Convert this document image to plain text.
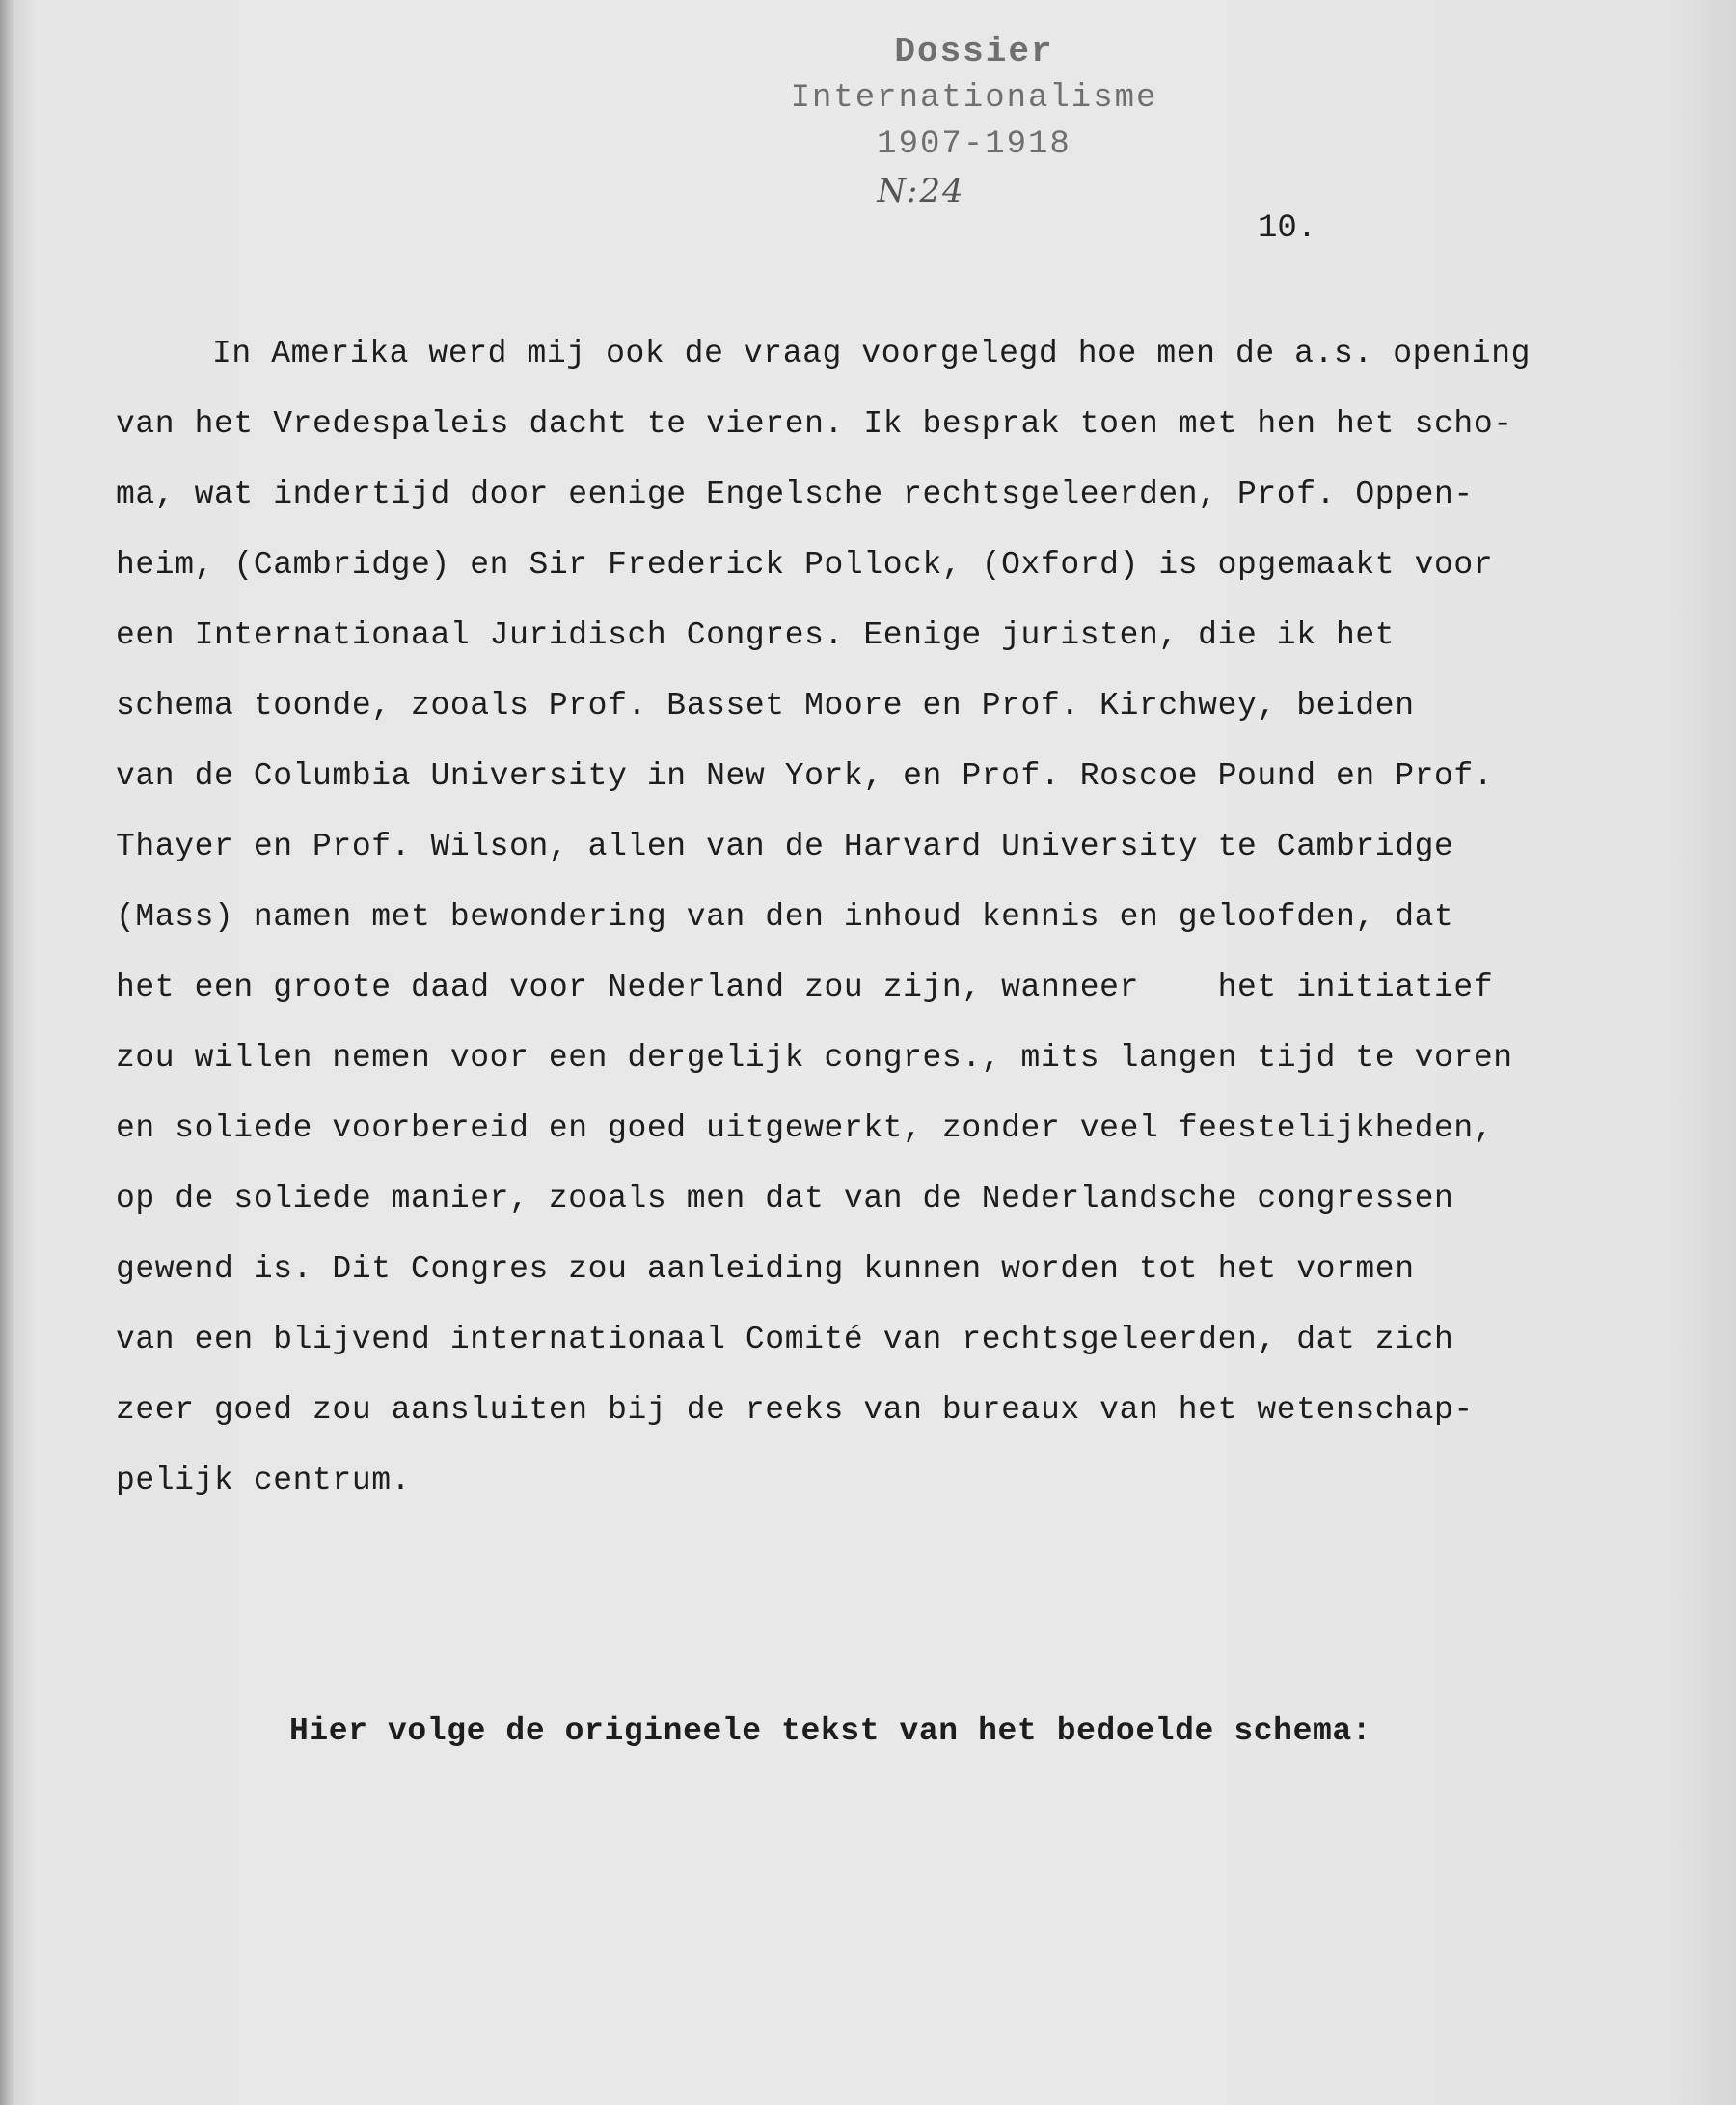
Dossier
Internationalisme
1907-1918
N:24
10.
In Amerika werd mij ook de vraag voorgelegd hoe men de a.s. opening
van het Vredespaleis dacht te vieren. Ik besprak toen met hen het scho-
ma, wat indertijd door eenige Engelsche rechtsgeleerden, Prof. Oppen-
heim, (Cambridge) en Sir Frederick Pollock, (Oxford) is opgemaakt voor
een Internationaal Juridisch Congres. Eenige juristen, die ik het
schema toonde, zooals Prof. Basset Moore en Prof. Kirchwey, beiden
van de Columbia University in New York, en Prof. Roscoe Pound en Prof.
Thayer en Prof. Wilson, allen van de Harvard University te Cambridge
(Mass) namen met bewondering van den inhoud kennis en geloofden, dat
het een groote daad voor Nederland zou zijn, wanneer    het initiatief
zou willen nemen voor een dergelijk congres., mits langen tijd te voren
en soliede voorbereid en goed uitgewerkt, zonder veel feestelijkheden,
op de soliede manier, zooals men dat van de Nederlandsche congressen
gewend is. Dit Congres zou aanleiding kunnen worden tot het vormen
van een blijvend internationaal Comité van rechtsgeleerden, dat zich
zeer goed zou aansluiten bij de reeks van bureaux van het wetenschap-
pelijk centrum.
Hier volge de origineele tekst van het bedoelde schema:
